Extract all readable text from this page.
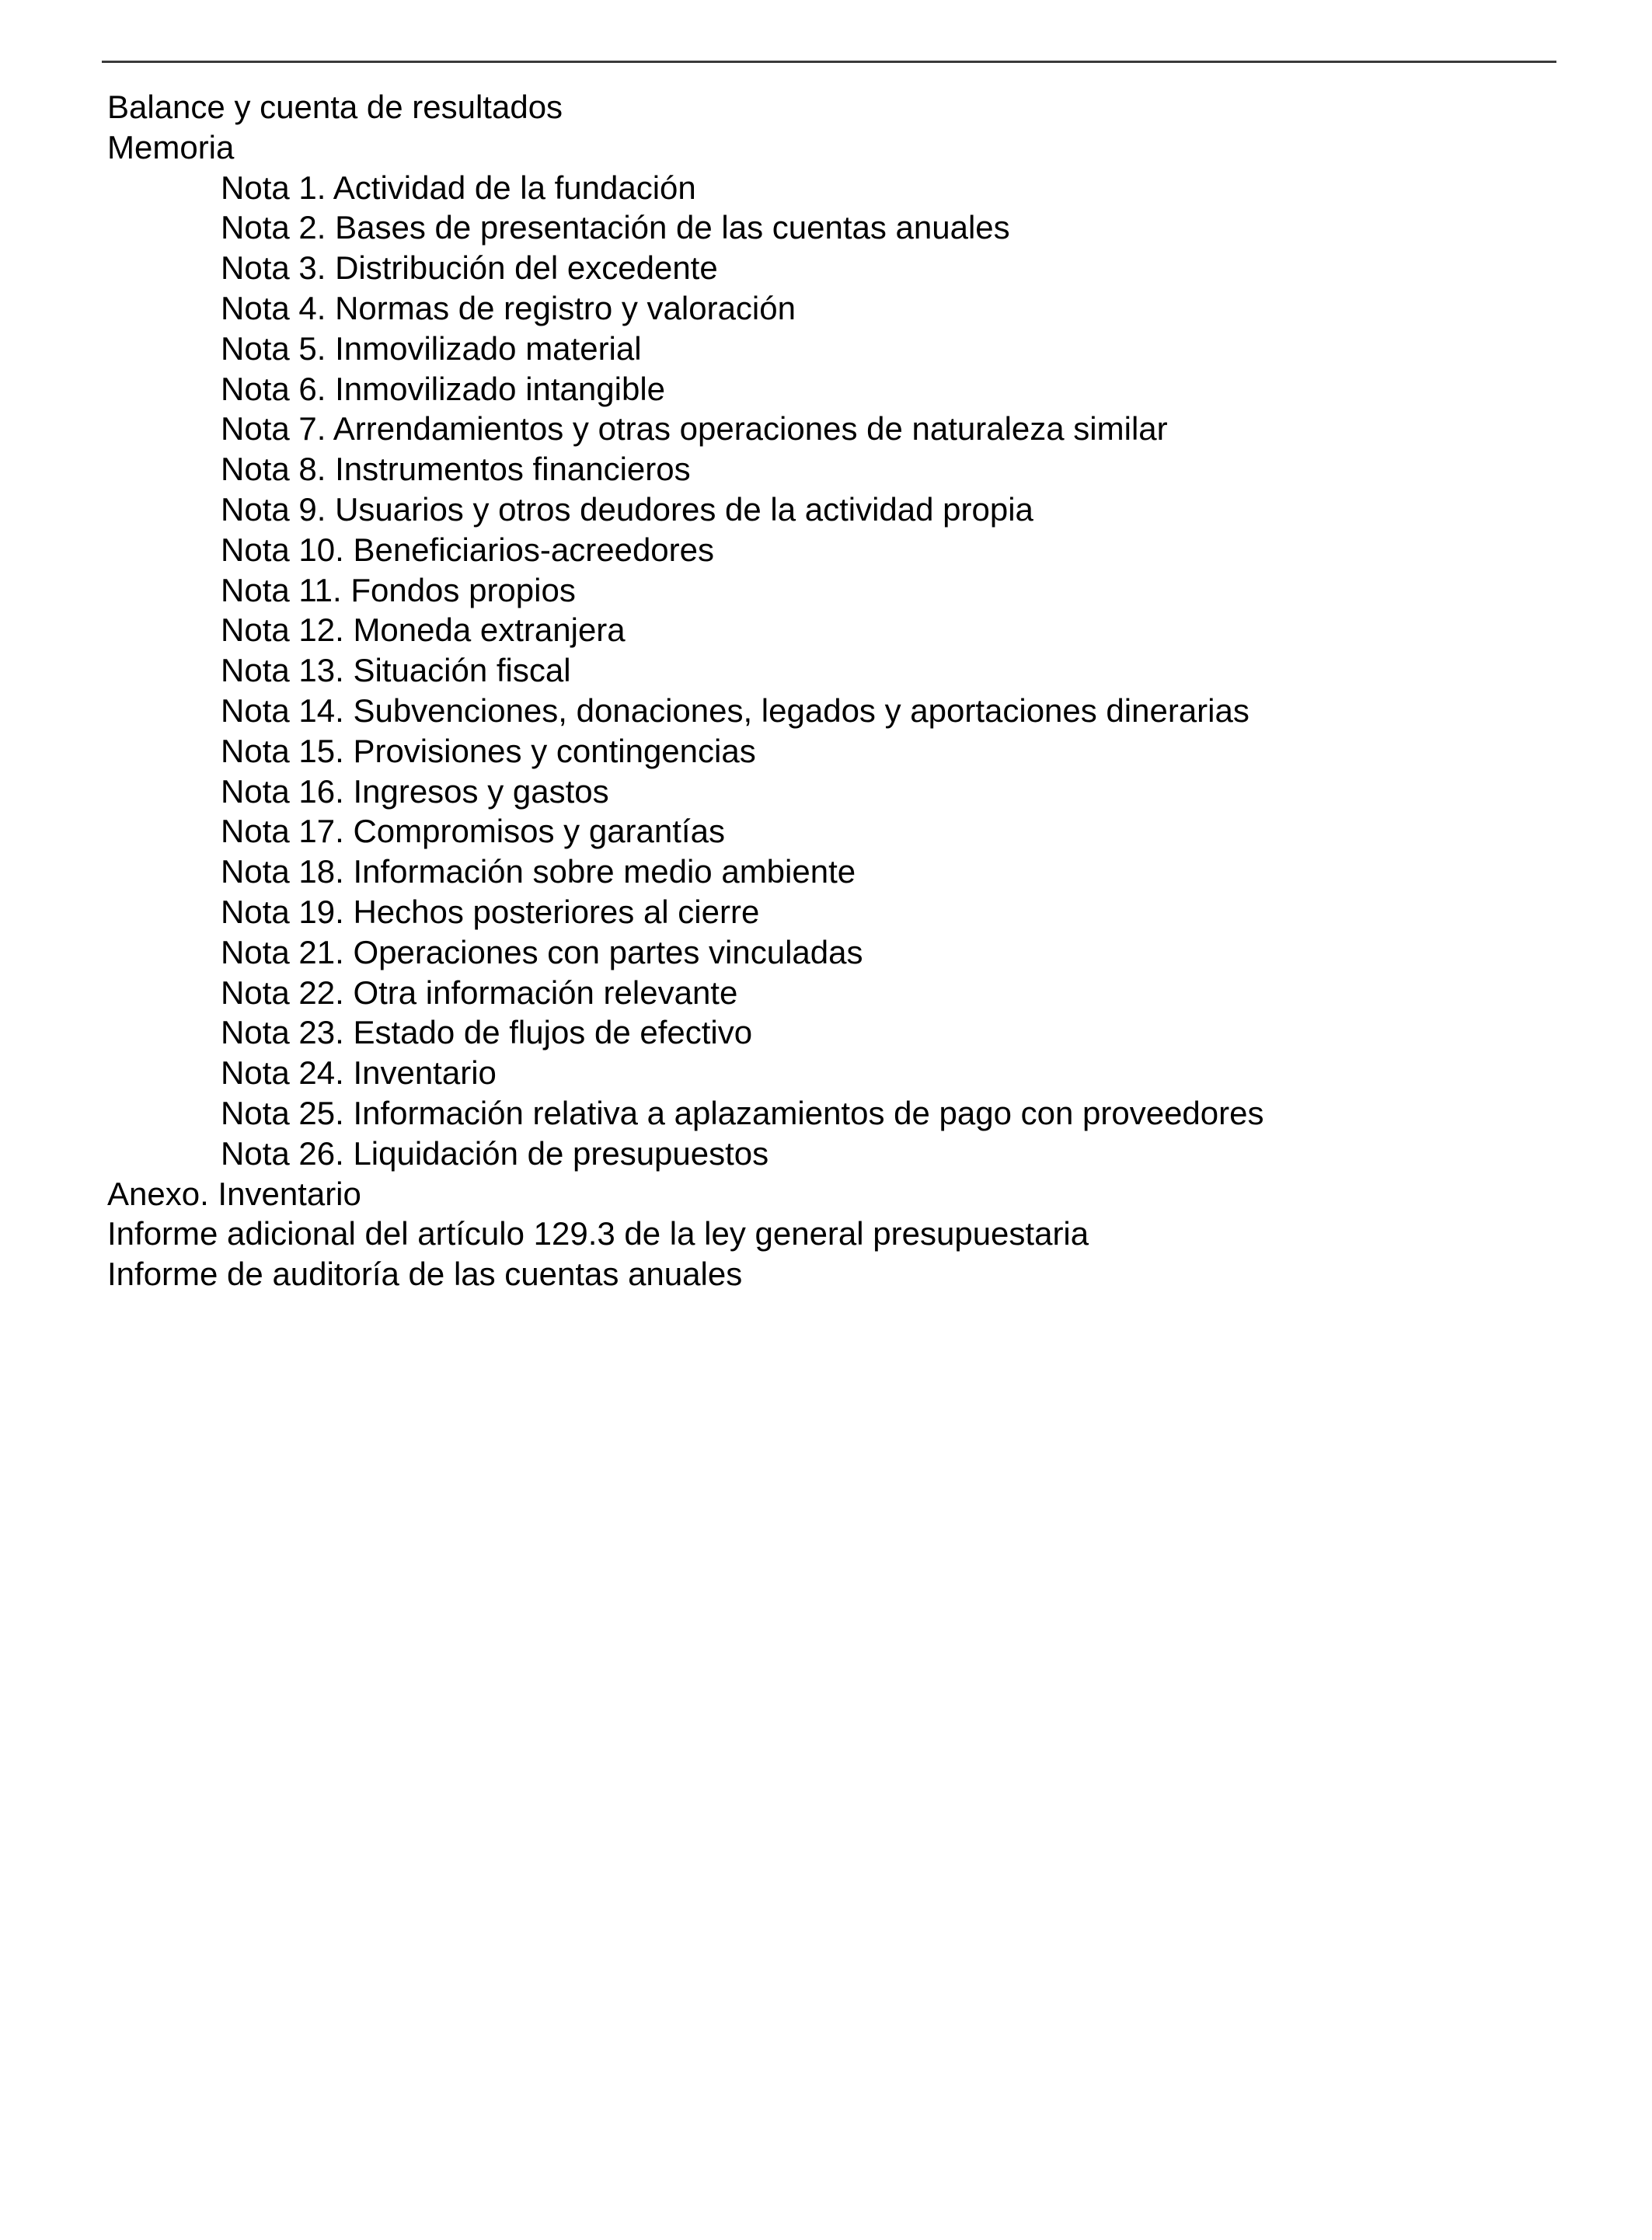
Balance y cuenta de resultados
Memoria
Nota 1. Actividad de la fundación
Nota 2. Bases de presentación de las cuentas anuales
Nota 3. Distribución del excedente
Nota 4. Normas de registro y valoración
Nota 5. Inmovilizado material
Nota 6. Inmovilizado intangible
Nota 7. Arrendamientos y otras operaciones de naturaleza similar
Nota 8. Instrumentos financieros
Nota 9. Usuarios y otros deudores de la actividad propia
Nota 10. Beneficiarios-acreedores
Nota 11. Fondos propios
Nota 12. Moneda extranjera
Nota 13. Situación fiscal
Nota 14. Subvenciones, donaciones, legados y aportaciones dinerarias
Nota 15. Provisiones y contingencias
Nota 16. Ingresos y gastos
Nota 17. Compromisos y garantías
Nota 18. Información sobre medio ambiente
Nota 19. Hechos posteriores al cierre
Nota 21. Operaciones con partes vinculadas
Nota 22. Otra información relevante
Nota 23. Estado de flujos de efectivo
Nota 24. Inventario
Nota 25. Información relativa a aplazamientos de pago con proveedores
Nota 26. Liquidación de presupuestos
Anexo. Inventario
Informe adicional del artículo 129.3 de la ley general presupuestaria
Informe de auditoría de las cuentas anuales
